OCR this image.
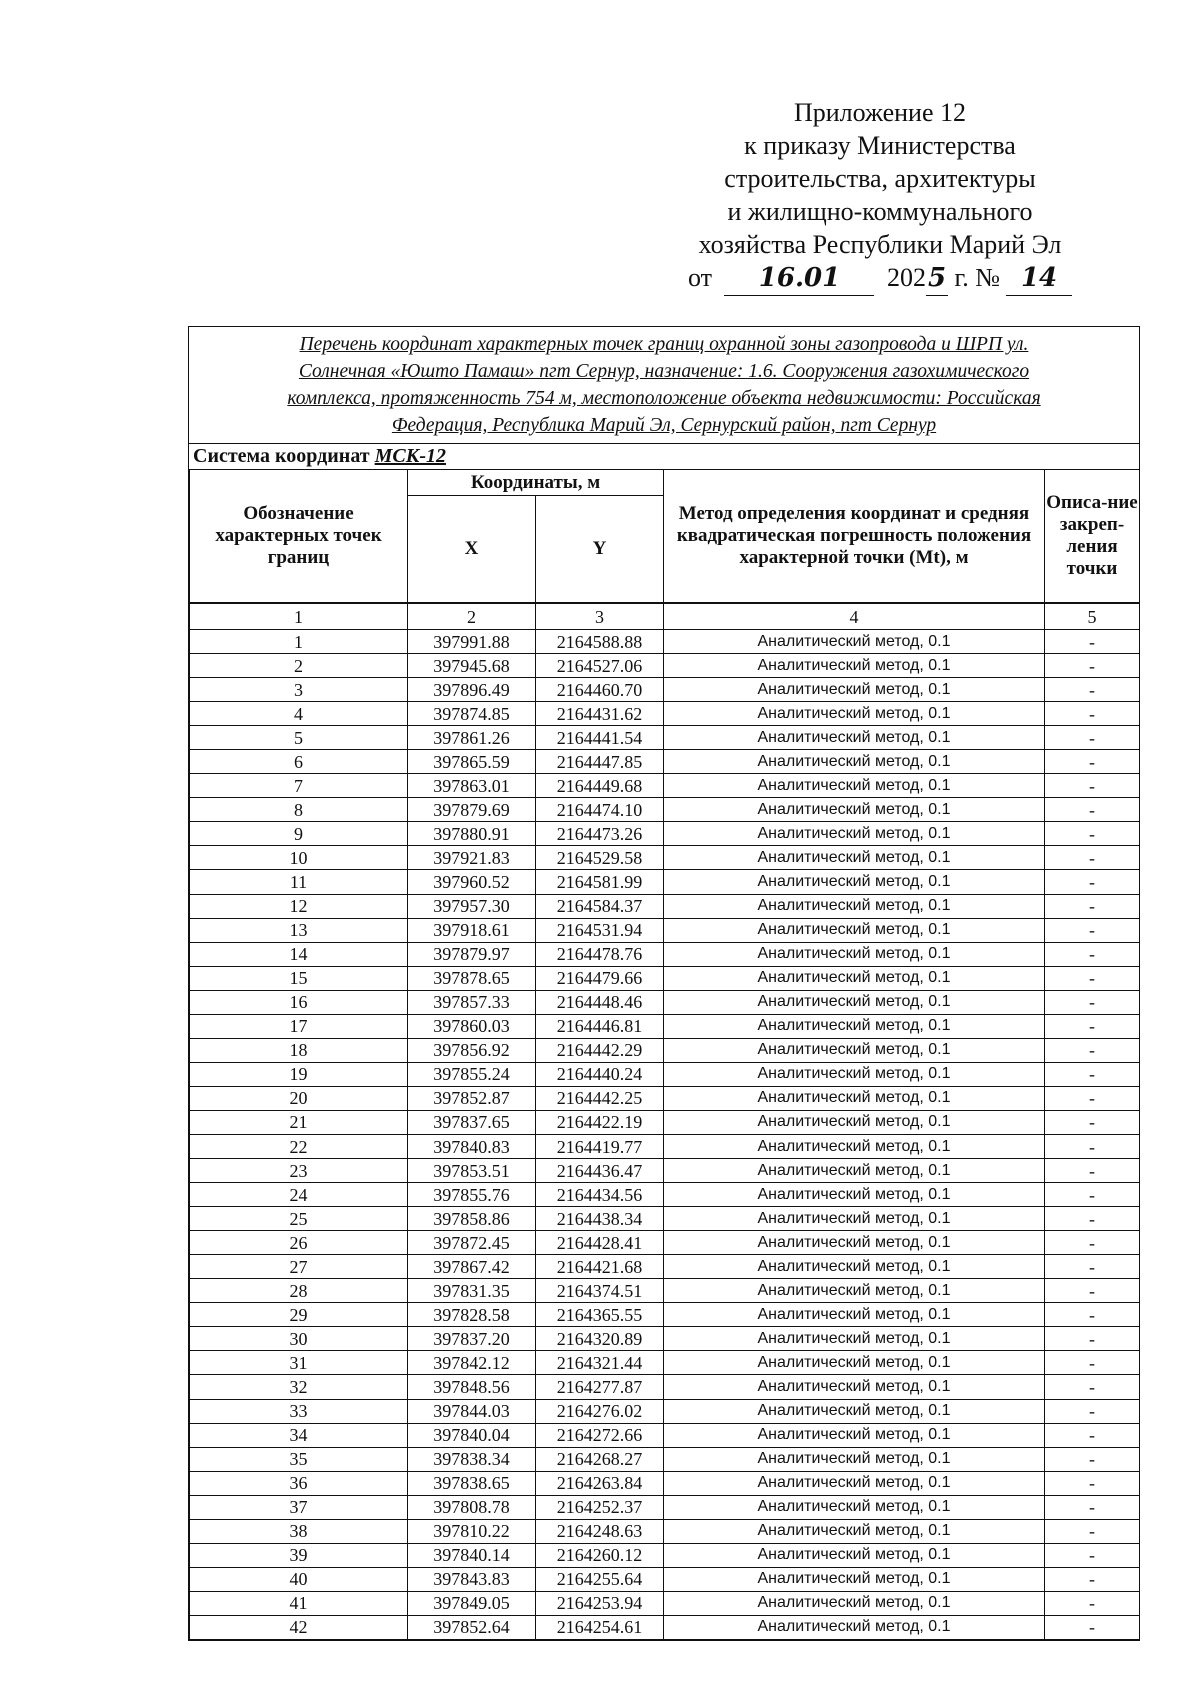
Приложение 12
к приказу Министерства
строительства, архитектуры
и жилищно-коммунального
хозяйства Республики Марий Эл
от 16.01 2025 г. № 14
Перечень координат характерных точек границ охранной зоны газопровода и ШРП ул.
Солнечная «Юшто Памаш» пгт Сернур, назначение: 1.6. Сооружения газохимического
комплекса, протяженность 754 м, местоположение объекта недвижимости: Российская
Федерация, Республика Марий Эл, Сернурский район, пгт Сернур
Система координат МСК-12
Обозначение характерных точек границ	Координаты, м		Метод определения координат и средняя квадратическая погрешность положения характерной точки (Mt), м	Описа-ние закреп-ления точки
	X	Y		
1	2	3	4	5
1	397991.88	2164588.88	Аналитический метод, 0.1	-
2	397945.68	2164527.06	Аналитический метод, 0.1	-
3	397896.49	2164460.70	Аналитический метод, 0.1	-
4	397874.85	2164431.62	Аналитический метод, 0.1	-
5	397861.26	2164441.54	Аналитический метод, 0.1	-
6	397865.59	2164447.85	Аналитический метод, 0.1	-
7	397863.01	2164449.68	Аналитический метод, 0.1	-
8	397879.69	2164474.10	Аналитический метод, 0.1	-
9	397880.91	2164473.26	Аналитический метод, 0.1	-
10	397921.83	2164529.58	Аналитический метод, 0.1	-
11	397960.52	2164581.99	Аналитический метод, 0.1	-
12	397957.30	2164584.37	Аналитический метод, 0.1	-
13	397918.61	2164531.94	Аналитический метод, 0.1	-
14	397879.97	2164478.76	Аналитический метод, 0.1	-
15	397878.65	2164479.66	Аналитический метод, 0.1	-
16	397857.33	2164448.46	Аналитический метод, 0.1	-
17	397860.03	2164446.81	Аналитический метод, 0.1	-
18	397856.92	2164442.29	Аналитический метод, 0.1	-
19	397855.24	2164440.24	Аналитический метод, 0.1	-
20	397852.87	2164442.25	Аналитический метод, 0.1	-
21	397837.65	2164422.19	Аналитический метод, 0.1	-
22	397840.83	2164419.77	Аналитический метод, 0.1	-
23	397853.51	2164436.47	Аналитический метод, 0.1	-
24	397855.76	2164434.56	Аналитический метод, 0.1	-
25	397858.86	2164438.34	Аналитический метод, 0.1	-
26	397872.45	2164428.41	Аналитический метод, 0.1	-
27	397867.42	2164421.68	Аналитический метод, 0.1	-
28	397831.35	2164374.51	Аналитический метод, 0.1	-
29	397828.58	2164365.55	Аналитический метод, 0.1	-
30	397837.20	2164320.89	Аналитический метод, 0.1	-
31	397842.12	2164321.44	Аналитический метод, 0.1	-
32	397848.56	2164277.87	Аналитический метод, 0.1	-
33	397844.03	2164276.02	Аналитический метод, 0.1	-
34	397840.04	2164272.66	Аналитический метод, 0.1	-
35	397838.34	2164268.27	Аналитический метод, 0.1	-
36	397838.65	2164263.84	Аналитический метод, 0.1	-
37	397808.78	2164252.37	Аналитический метод, 0.1	-
38	397810.22	2164248.63	Аналитический метод, 0.1	-
39	397840.14	2164260.12	Аналитический метод, 0.1	-
40	397843.83	2164255.64	Аналитический метод, 0.1	-
41	397849.05	2164253.94	Аналитический метод, 0.1	-
42	397852.64	2164254.61	Аналитический метод, 0.1	-
